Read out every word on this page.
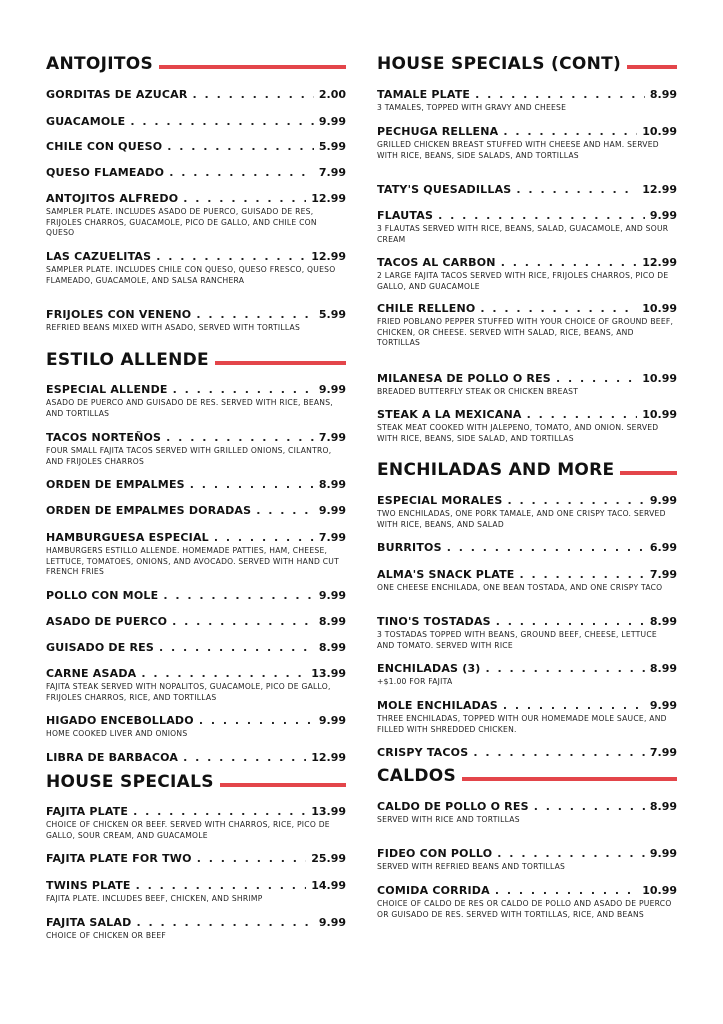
ANTOJITOS
GORDITAS DE AZUCAR . . .	2.00
GUACAMOLE . . .	9.99
CHILE CON QUESO . . .	5.99
QUESO FLAMEADO . . .	7.99
ANTOJITOS ALFREDO . . .	12.99
SAMPLER PLATE. INCLUDES ASADO DE PUERCO, GUISADO DE RES, FRIJOLES CHARROS, GUACAMOLE, PICO DE GALLO, AND CHILE CON QUESO
LAS CAZUELITAS . . .	12.99
SAMPLER PLATE. INCLUDES CHILE CON QUESO, QUESO FRESCO, QUESO FLAMEADO, GUACAMOLE, AND SALSA RANCHERA
FRIJOLES CON VENENO . . .	5.99
REFRIED BEANS MIXED WITH ASADO, SERVED WITH TORTILLAS
ESTILO ALLENDE
ESPECIAL ALLENDE . . .	9.99
ASADO DE PUERCO AND GUISADO DE RES. SERVED WITH RICE, BEANS, AND TORTILLAS
TACOS NORTEÑOS . . .	7.99
FOUR SMALL FAJITA TACOS SERVED WITH GRILLED ONIONS, CILANTRO, AND FRIJOLES CHARROS
ORDEN DE EMPALMES . . .	8.99
ORDEN DE EMPALMES DORADAS . . .	9.99
HAMBURGUESA ESPECIAL . . .	7.99
HAMBURGERS ESTILLO ALLENDE. HOMEMADE PATTIES, HAM, CHEESE, LETTUCE, TOMATOES, ONIONS, AND AVOCADO. SERVED WITH HAND CUT FRENCH FRIES
POLLO CON MOLE . . .	9.99
ASADO DE PUERCO . . .	8.99
GUISADO DE RES . . .	8.99
CARNE ASADA . . .	13.99
FAJITA STEAK SERVED WITH NOPALITOS, GUACAMOLE, PICO DE GALLO, FRIJOLES CHARROS, RICE, AND TORTILLAS
HIGADO ENCEBOLLADO . . .	9.99
HOME COOKED LIVER AND ONIONS
LIBRA DE BARBACOA . . .	12.99
HOUSE SPECIALS
FAJITA PLATE . . .	13.99
CHOICE OF CHICKEN OR BEEF. SERVED WITH CHARROS, RICE, PICO DE GALLO, SOUR CREAM, AND GUACAMOLE
FAJITA PLATE FOR TWO . . .	25.99
TWINS PLATE . . .	14.99
FAJITA PLATE. INCLUDES BEEF, CHICKEN, AND SHRIMP
FAJITA SALAD . . .	9.99
CHOICE OF CHICKEN OR BEEF
HOUSE SPECIALS (CONT)
TAMALE PLATE . . .	8.99
3 TAMALES, TOPPED WITH GRAVY AND CHEESE
PECHUGA RELLENA . . .	10.99
GRILLED CHICKEN BREAST STUFFED WITH CHEESE AND HAM. SERVED WITH RICE, BEANS, SIDE SALADS, AND TORTILLAS
TATY'S QUESADILLAS . . .	12.99
FLAUTAS . . .	9.99
3 FLAUTAS SERVED WITH RICE, BEANS, SALAD, GUACAMOLE, AND SOUR CREAM
TACOS AL CARBON . . .	12.99
2 LARGE FAJITA TACOS SERVED WITH RICE, FRIJOLES CHARROS, PICO DE GALLO, AND GUACAMOLE
CHILE RELLENO . . .	10.99
FRIED POBLANO PEPPER STUFFED WITH YOUR CHOICE OF GROUND BEEF, CHICKEN, OR CHEESE. SERVED WITH SALAD, RICE, BEANS, AND TORTILLAS
MILANESA DE POLLO O RES . . .	10.99
BREADED BUTTERFLY STEAK OR CHICKEN BREAST
STEAK A LA MEXICANA . . .	10.99
STEAK MEAT COOKED WITH JALEPENO, TOMATO, AND ONION. SERVED WITH RICE, BEANS, SIDE SALAD, AND TORTILLAS
ENCHILADAS AND MORE
ESPECIAL MORALES . . .	9.99
TWO ENCHILADAS, ONE PORK TAMALE, AND ONE CRISPY TACO. SERVED WITH RICE, BEANS, AND SALAD
BURRITOS . . .	6.99
ALMA'S SNACK PLATE . . .	7.99
ONE CHEESE ENCHILADA, ONE BEAN TOSTADA, AND ONE CRISPY TACO
TINO'S TOSTADAS . . .	8.99
3 TOSTADAS TOPPED WITH BEANS, GROUND BEEF, CHEESE, LETTUCE AND TOMATO. SERVED WITH RICE
ENCHILADAS (3) . . .	8.99
+$1.00 FOR FAJITA
MOLE ENCHILADAS . . .	9.99
THREE ENCHILADAS, TOPPED WITH OUR HOMEMADE MOLE SAUCE, AND FILLED WITH SHREDDED CHICKEN.
CRISPY TACOS . . .	7.99
CALDOS
CALDO DE POLLO O RES . . .	8.99
SERVED WITH RICE AND TORTILLAS
FIDEO CON POLLO . . .	9.99
SERVED WITH REFRIED BEANS AND TORTILLAS
COMIDA CORRIDA . . .	10.99
CHOICE OF CALDO DE RES OR CALDO DE POLLO AND ASADO DE PUERCO OR GUISADO DE RES. SERVED WITH TORTILLAS, RICE, AND BEANS
